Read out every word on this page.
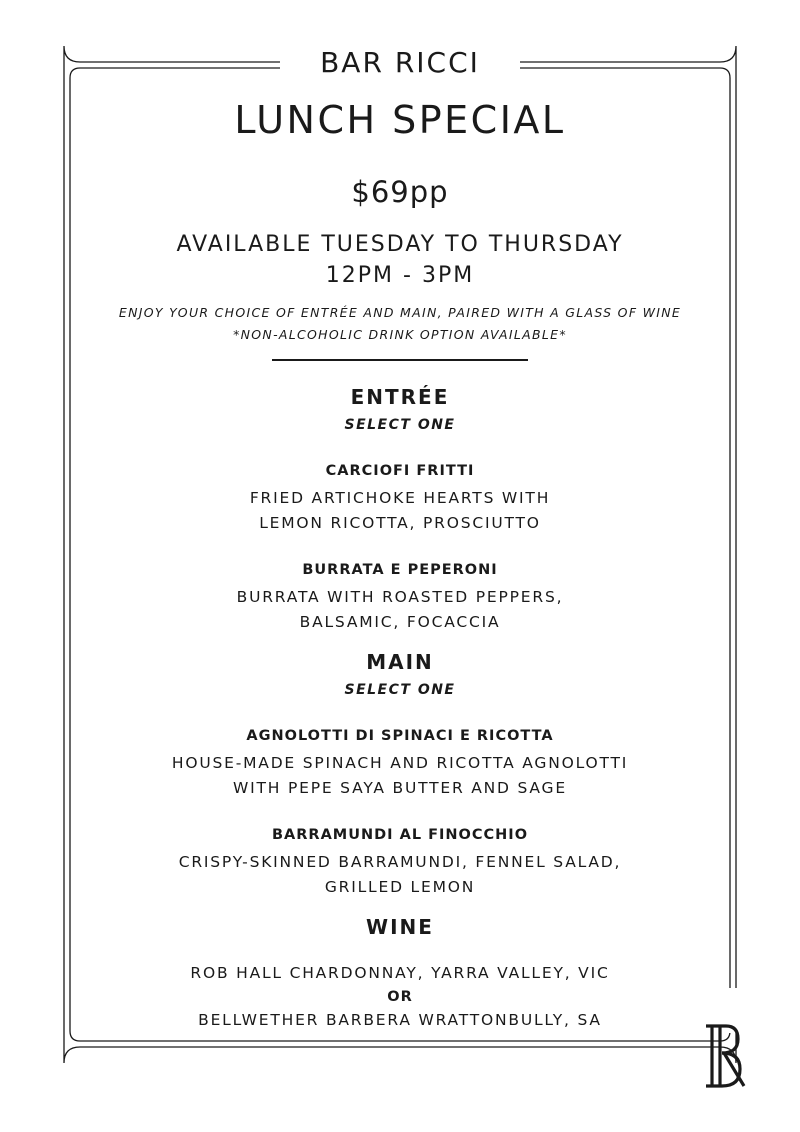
BAR RICCI
LUNCH SPECIAL
$69pp
AVAILABLE TUESDAY TO THURSDAY
12PM - 3PM
ENJOY YOUR CHOICE OF ENTRÉE AND MAIN, PAIRED WITH A GLASS OF WINE
*NON-ALCOHOLIC DRINK OPTION AVAILABLE*
ENTRÉE
SELECT ONE
CARCIOFI FRITTI
FRIED ARTICHOKE HEARTS WITH
LEMON RICOTTA, PROSCIUTTO
BURRATA E PEPERONI
BURRATA WITH ROASTED PEPPERS,
BALSAMIC, FOCACCIA
MAIN
SELECT ONE
AGNOLOTTI DI SPINACI E RICOTTA
HOUSE-MADE SPINACH AND RICOTTA AGNOLOTTI
WITH PEPE SAYA BUTTER AND SAGE
BARRAMUNDI AL FINOCCHIO
CRISPY-SKINNED BARRAMUNDI, FENNEL SALAD,
GRILLED LEMON
WINE
ROB HALL CHARDONNAY, YARRA VALLEY, VIC
OR
BELLWETHER BARBERA WRATTONBULLY, SA
